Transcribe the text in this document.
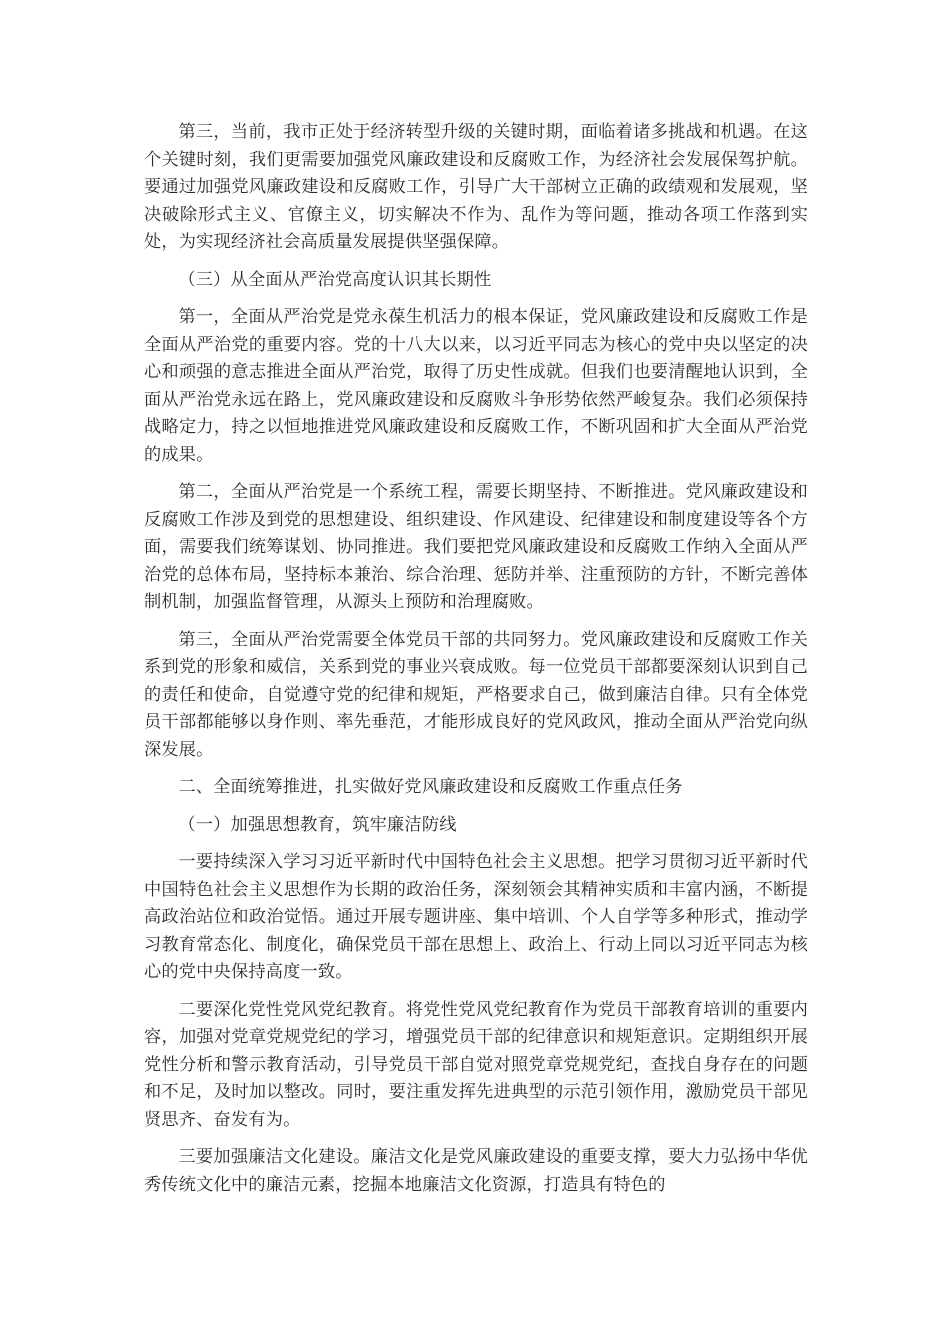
第三，当前，我市正处于经济转型升级的关键时期，面临着诸多挑战和机遇。在这个关键时刻，我们更需要加强党风廉政建设和反腐败工作，为经济社会发展保驾护航。要通过加强党风廉政建设和反腐败工作，引导广大干部树立正确的政绩观和发展观，坚决破除形式主义、官僚主义，切实解决不作为、乱作为等问题，推动各项工作落到实处，为实现经济社会高质量发展提供坚强保障。

（三）从全面从严治党高度认识其长期性

第一，全面从严治党是党永葆生机活力的根本保证，党风廉政建设和反腐败工作是全面从严治党的重要内容。党的十八大以来，以习近平同志为核心的党中央以坚定的决心和顽强的意志推进全面从严治党，取得了历史性成就。但我们也要清醒地认识到，全面从严治党永远在路上，党风廉政建设和反腐败斗争形势依然严峻复杂。我们必须保持战略定力，持之以恒地推进党风廉政建设和反腐败工作，不断巩固和扩大全面从严治党的成果。

第二，全面从严治党是一个系统工程，需要长期坚持、不断推进。党风廉政建设和反腐败工作涉及到党的思想建设、组织建设、作风建设、纪律建设和制度建设等各个方面，需要我们统筹谋划、协同推进。我们要把党风廉政建设和反腐败工作纳入全面从严治党的总体布局，坚持标本兼治、综合治理、惩防并举、注重预防的方针，不断完善体制机制，加强监督管理，从源头上预防和治理腐败。

第三，全面从严治党需要全体党员干部的共同努力。党风廉政建设和反腐败工作关系到党的形象和威信，关系到党的事业兴衰成败。每一位党员干部都要深刻认识到自己的责任和使命，自觉遵守党的纪律和规矩，严格要求自己，做到廉洁自律。只有全体党员干部都能够以身作则、率先垂范，才能形成良好的党风政风，推动全面从严治党向纵深发展。

二、全面统筹推进，扎实做好党风廉政建设和反腐败工作重点任务

（一）加强思想教育，筑牢廉洁防线

一要持续深入学习习近平新时代中国特色社会主义思想。把学习贯彻习近平新时代中国特色社会主义思想作为长期的政治任务，深刻领会其精神实质和丰富内涵，不断提高政治站位和政治觉悟。通过开展专题讲座、集中培训、个人自学等多种形式，推动学习教育常态化、制度化，确保党员干部在思想上、政治上、行动上同以习近平同志为核心的党中央保持高度一致。

二要深化党性党风党纪教育。将党性党风党纪教育作为党员干部教育培训的重要内容，加强对党章党规党纪的学习，增强党员干部的纪律意识和规矩意识。定期组织开展党性分析和警示教育活动，引导党员干部自觉对照党章党规党纪，查找自身存在的问题和不足，及时加以整改。同时，要注重发挥先进典型的示范引领作用，激励党员干部见贤思齐、奋发有为。

三要加强廉洁文化建设。廉洁文化是党风廉政建设的重要支撑，要大力弘扬中华优秀传统文化中的廉洁元素，挖掘本地廉洁文化资源，打造具有特色的
